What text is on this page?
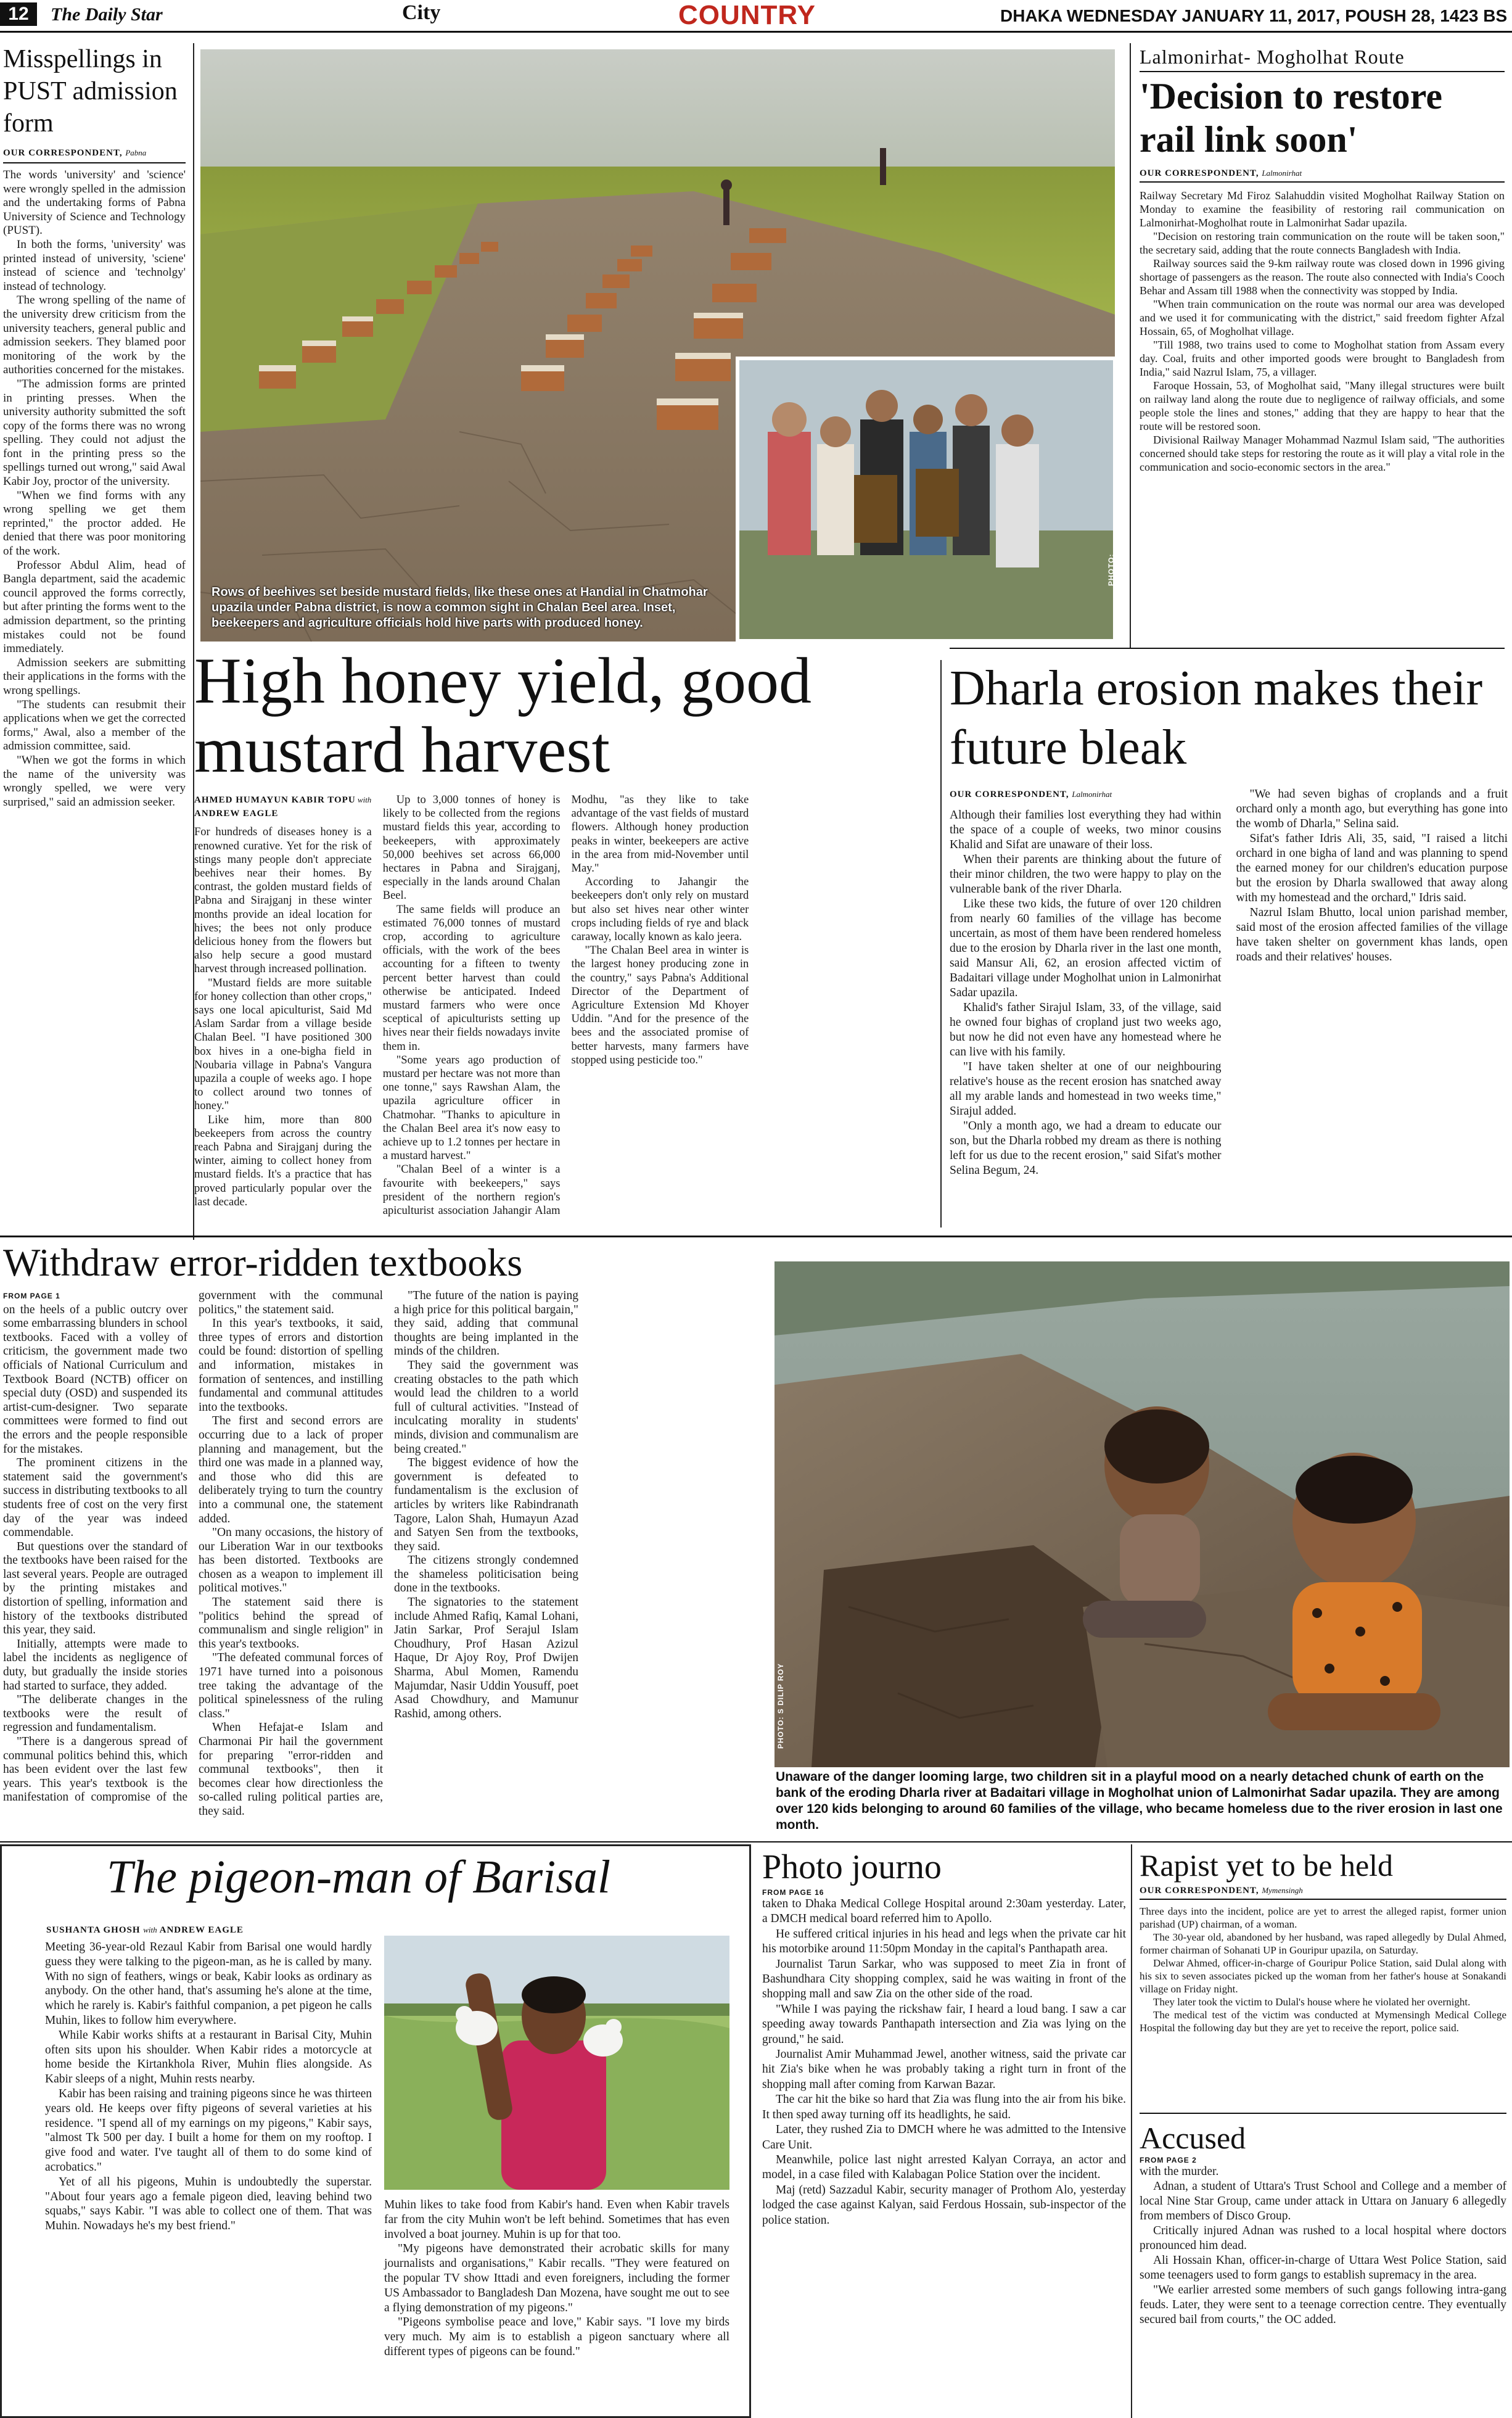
12	The Daily Star	City	COUNTRY	DHAKA WEDNESDAY JANUARY 11, 2017, POUSH 28, 1423 BS
Misspellings in PUST admission form
OUR CORRESPONDENT, Pabna

The words 'university' and 'science' were wrongly spelled in the admission and the undertaking forms of Pabna University of Science and Technology (PUST).

In both the forms, 'university' was printed instead of university, 'sciene' instead of science and 'technolgy' instead of technology.

The wrong spelling of the name of the university drew criticism from the university teachers, general public and admission seekers. They blamed poor monitoring of the work by the authorities concerned for the mistakes.

"The admission forms are printed in printing presses. When the university authority submitted the soft copy of the forms there was no wrong spelling. They could not adjust the font in the printing press so the spellings turned out wrong," said Awal Kabir Joy, proctor of the university.

"When we find forms with any wrong spelling we get them reprinted," the proctor added. He denied that there was poor monitoring of the work.

Professor Abdul Alim, head of Bangla department, said the academic council approved the forms correctly, but after printing the forms went to the admission department, so the printing mistakes could not be found immediately.

Admission seekers are submitting their applications in the forms with the wrong spellings.

"The students can resubmit their applications when we get the corrected forms," Awal, also a member of the admission committee, said.

"When we got the forms in which the name of the university was wrongly spelled, we were very surprised," said an admission seeker.

PHOTO: STAR
Rows of beehives set beside mustard fields, like these ones at Handial in Chatmohar upazila under Pabna district, is now a common sight in Chalan Beel area. Inset, beekeepers and agriculture officials hold hive parts with produced honey.
High honey yield, good mustard harvest
AHMED HUMAYUN KABIR TOPU with
ANDREW EAGLE

For hundreds of diseases honey is a renowned curative. Yet for the risk of stings many people don't appreciate beehives near their homes. By contrast, the golden mustard fields of Pabna and Sirajganj in these winter months provide an ideal location for hives; the bees not only produce delicious honey from the flowers but also help secure a good mustard harvest through increased pollination.

"Mustard fields are more suitable for honey collection than other crops," says one local apiculturist, Said Md Aslam Sardar from a village beside Chalan Beel. "I have positioned 300 box hives in a one-bigha field in Noubaria village in Pabna's Vangura upazila a couple of weeks ago. I hope to collect around two tonnes of honey."

Like him, more than 800 beekeepers from across the country reach Pabna and Sirajganj during the winter, aiming to collect honey from mustard fields. It's a practice that has proved particularly popular over the last decade.

Up to 3,000 tonnes of honey is likely to be collected from the regions mustard fields this year, according to beekeepers, with approximately 50,000 beehives set across 66,000 hectares in Pabna and Sirajganj, especially in the lands around Chalan Beel.

The same fields will produce an estimated 76,000 tonnes of mustard crop, according to agriculture officials, with the work of the bees accounting for a fifteen to twenty percent better harvest than could otherwise be anticipated. Indeed mustard farmers who were once sceptical of apiculturists setting up hives near their fields nowadays invite them in.

"Some years ago production of mustard per hectare was not more than one tonne," says Rawshan Alam, the upazila agriculture officer in Chatmohar. "Thanks to apiculture in the Chalan Beel area it's now easy to achieve up to 1.2 tonnes per hectare in a mustard harvest."

"Chalan Beel of a winter is a favourite with beekeepers," says president of the northern region's apiculturist association Jahangir Alam Modhu, "as they like to take advantage of the vast fields of mustard flowers. Although honey production peaks in winter, beekeepers are active in the area from mid-November until May."

According to Jahangir the beekeepers don't only rely on mustard but also set hives near other winter crops including fields of rye and black caraway, locally known as kalo jeera.

"The Chalan Beel area in winter is the largest honey producing zone in the country," says Pabna's Additional Director of the Department of Agriculture Extension Md Khoyer Uddin. "And for the presence of the bees and the associated promise of better harvests, many farmers have stopped using pesticide too."

Lalmonirhat- Mogholhat Route
'Decision to restore rail link soon'
OUR CORRESPONDENT, Lalmonirhat

Railway Secretary Md Firoz Salahuddin visited Mogholhat Railway Station on Monday to examine the feasibility of restoring rail communication on Lalmonirhat-Mogholhat route in Lalmonirhat Sadar upazila.

"Decision on restoring train communication on the route will be taken soon," the secretary said, adding that the route connects Bangladesh with India.

Railway sources said the 9-km railway route was closed down in 1996 giving shortage of passengers as the reason. The route also connected with India's Cooch Behar and Assam till 1988 when the connectivity was stopped by India.

"When train communication on the route was normal our area was developed and we used it for communicating with the district," said freedom fighter Afzal Hossain, 65, of Mogholhat village.

"Till 1988, two trains used to come to Mogholhat station from Assam every day. Coal, fruits and other imported goods were brought to Bangladesh from India," said Nazrul Islam, 75, a villager.

Faroque Hossain, 53, of Mogholhat said, "Many illegal structures were built on railway land along the route due to negligence of railway officials, and some people stole the lines and stones," adding that they are happy to hear that the route will be restored soon.

Divisional Railway Manager Mohammad Nazmul Islam said, "The authorities concerned should take steps for restoring the route as it will play a vital role in the communication and socio-economic sectors in the area."

Dharla erosion makes their future bleak
OUR CORRESPONDENT, Lalmonirhat

Although their families lost everything they had within the space of a couple of weeks, two minor cousins Khalid and Sifat are unaware of their loss.

When their parents are thinking about the future of their minor children, the two were happy to play on the vulnerable bank of the river Dharla.

Like these two kids, the future of over 120 children from nearly 60 families of the village has become uncertain, as most of them have been rendered homeless due to the erosion by Dharla river in the last one month, said Mansur Ali, 62, an erosion affected victim of Badaitari village under Mogholhat union in Lalmonirhat Sadar upazila.

Khalid's father Sirajul Islam, 33, of the village, said he owned four bighas of cropland just two weeks ago, but now he did not even have any homestead where he can live with his family.

"I have taken shelter at one of our neighbouring relative's house as the recent erosion has snatched away all my arable lands and homestead in two weeks time," Sirajul added.

"Only a month ago, we had a dream to educate our son, but the Dharla robbed my dream as there is nothing left for us due to the recent erosion," said Sifat's mother Selina Begum, 24.

"We had seven bighas of croplands and a fruit orchard only a month ago, but everything has gone into the womb of Dharla," Selina said.

Sifat's father Idris Ali, 35, said, "I raised a litchi orchard in one bigha of land and was planning to spend the earned money for our children's education purpose but the erosion by Dharla swallowed that away along with my homestead and the orchard," Idris said.

Nazrul Islam Bhutto, local union parishad member, said most of the erosion affected families of the village have taken shelter on government khas lands, open roads and their relatives' houses.

Withdraw error-ridden textbooks
FROM PAGE 1

on the heels of a public outcry over some embarrassing blunders in school textbooks. Faced with a volley of criticism, the government made two officials of National Curriculum and Textbook Board (NCTB) officer on special duty (OSD) and suspended its artist-cum-designer. Two separate committees were formed to find out the errors and the people responsible for the mistakes.

The prominent citizens in the statement said the government's success in distributing textbooks to all students free of cost on the very first day of the year was indeed commendable.

But questions over the standard of the textbooks have been raised for the last several years. People are outraged by the printing mistakes and distortion of spelling, information and history of the textbooks distributed this year, they said.

Initially, attempts were made to label the incidents as negligence of duty, but gradually the inside stories had started to surface, they added.

"The deliberate changes in the textbooks were the result of regression and fundamentalism.

"There is a dangerous spread of communal politics behind this, which has been evident over the last few years. This year's textbook is the manifestation of compromise of the government with the communal politics," the statement said.

In this year's textbooks, it said, three types of errors and distortion could be found: distortion of spelling and information, mistakes in formation of sentences, and instilling fundamental and communal attitudes into the textbooks.

The first and second errors are occurring due to a lack of proper planning and management, but the third one was made in a planned way, and those who did this are deliberately trying to turn the country into a communal one, the statement added.

"On many occasions, the history of our Liberation War in our textbooks has been distorted. Textbooks are chosen as a weapon to implement ill political motives."

The statement said there is "politics behind the spread of communalism and single religion" in this year's textbooks.

"The defeated communal forces of 1971 have turned into a poisonous tree taking the advantage of the political spinelessness of the ruling class."

When Hefajat-e Islam and Charmonai Pir hail the government for preparing "error-ridden and communal textbooks", then it becomes clear how directionless the so-called ruling political parties are, they said.

"The future of the nation is paying a high price for this political bargain," they said, adding that communal thoughts are being implanted in the minds of the children.

They said the government was creating obstacles to the path which would lead the children to a world full of cultural activities. "Instead of inculcating morality in students' minds, division and communalism are being created."

The biggest evidence of how the government is defeated to fundamentalism is the exclusion of articles by writers like Rabindranath Tagore, Lalon Shah, Humayun Azad and Satyen Sen from the textbooks, they said.

The citizens strongly condemned the shameless politicisation being done in the textbooks.

The signatories to the statement include Ahmed Rafiq, Kamal Lohani, Jatin Sarkar, Prof Serajul Islam Choudhury, Prof Hasan Azizul Haque, Dr Ajoy Roy, Prof Dwijen Sharma, Abul Momen, Ramendu Majumdar, Nasir Uddin Yousuff, poet Asad Chowdhury, and Mamunur Rashid, among others.	PHOTO: S DILIP ROY
Unaware of the danger looming large, two children sit in a playful mood on a nearly detached chunk of earth on the bank of the eroding Dharla river at Badaitari village in Mogholhat union of Lalmonirhat Sadar upazila. They are among over 120 kids belonging to around 60 families of the village, who became homeless due to the river erosion in last one month.
The pigeon-man of Barisal
SUSHANTA GHOSH with ANDREW EAGLE

Meeting 36-year-old Rezaul Kabir from Barisal one would hardly guess they were talking to the pigeon-man, as he is called by many. With no sign of feathers, wings or beak, Kabir looks as ordinary as anybody. On the other hand, that's assuming he's alone at the time, which he rarely is. Kabir's faithful companion, a pet pigeon he calls Muhin, likes to follow him everywhere.

While Kabir works shifts at a restaurant in Barisal City, Muhin often sits upon his shoulder. When Kabir rides a motorcycle at home beside the Kirtankhola River, Muhin flies alongside. As Kabir sleeps of a night, Muhin rests nearby.

Kabir has been raising and training pigeons since he was thirteen years old. He keeps over fifty pigeons of several varieties at his residence. "I spend all of my earnings on my pigeons," Kabir says, "almost Tk 500 per day. I built a home for them on my rooftop. I give food and water. I've taught all of them to do some kind of acrobatics."

Yet of all his pigeons, Muhin is undoubtedly the superstar. "About four years ago a female pigeon died, leaving behind two squabs," says Kabir. "I was able to collect one of them. That was Muhin. Nowadays he's my best friend."

Muhin likes to take food from Kabir's hand. Even when Kabir travels far from the city Muhin won't be left behind. Sometimes that has even involved a boat journey. Muhin is up for that too.

"My pigeons have demonstrated their acrobatic skills for many journalists and organisations," Kabir recalls. "They were featured on the popular TV show Ittadi and even foreigners, including the former US Ambassador to Bangladesh Dan Mozena, have sought me out to see a flying demonstration of my pigeons."

"Pigeons symbolise peace and love," Kabir says. "I love my birds very much. My aim is to establish a pigeon sanctuary where all different types of pigeons can be found."

Photo journo
FROM PAGE 16

taken to Dhaka Medical College Hospital around 2:30am yesterday. Later, a DMCH medical board referred him to Apollo.

He suffered critical injuries in his head and legs when the private car hit his motorbike around 11:50pm Monday in the capital's Panthapath area.

Journalist Tarun Sarkar, who was supposed to meet Zia in front of Bashundhara City shopping complex, said he was waiting in front of the shopping mall and saw Zia on the other side of the road.

"While I was paying the rickshaw fair, I heard a loud bang. I saw a car speeding away towards Panthapath intersection and Zia was lying on the ground," he said.

Journalist Amir Muhammad Jewel, another witness, said the private car hit Zia's bike when he was probably taking a right turn in front of the shopping mall after coming from Karwan Bazar.

The car hit the bike so hard that Zia was flung into the air from his bike. It then sped away turning off its headlights, he said.

Later, they rushed Zia to DMCH where he was admitted to the Intensive Care Unit.

Meanwhile, police last night arrested Kalyan Corraya, an actor and model, in a case filed with Kalabagan Police Station over the incident.

Maj (retd) Sazzadul Kabir, security manager of Prothom Alo, yesterday lodged the case against Kalyan, said Ferdous Hossain, sub-inspector of the police station.

Rapist yet to be held
OUR CORRESPONDENT, Mymensingh

Three days into the incident, police are yet to arrest the alleged rapist, former union parishad (UP) chairman, of a woman.

The 30-year old, abandoned by her husband, was raped allegedly by Dulal Ahmed, former chairman of Sohanati UP in Gouripur upazila, on Saturday.

Delwar Ahmed, officer-in-charge of Gouripur Police Station, said Dulal along with his six to seven associates picked up the woman from her father's house at Sonakandi village on Friday night.

They later took the victim to Dulal's house where he violated her overnight.

The medical test of the victim was conducted at Mymensingh Medical College Hospital the following day but they are yet to receive the report, police said.

Accused
FROM PAGE 2

with the murder.

Adnan, a student of Uttara's Trust School and College and a member of local Nine Star Group, came under attack in Uttara on January 6 allegedly from members of Disco Group.

Critically injured Adnan was rushed to a local hospital where doctors pronounced him dead.

Ali Hossain Khan, officer-in-charge of Uttara West Police Station, said some teenagers used to form gangs to establish supremacy in the area.

"We earlier arrested some members of such gangs following intra-gang feuds. Later, they were sent to a teenage correction centre. They eventually secured bail from courts," the OC added.
